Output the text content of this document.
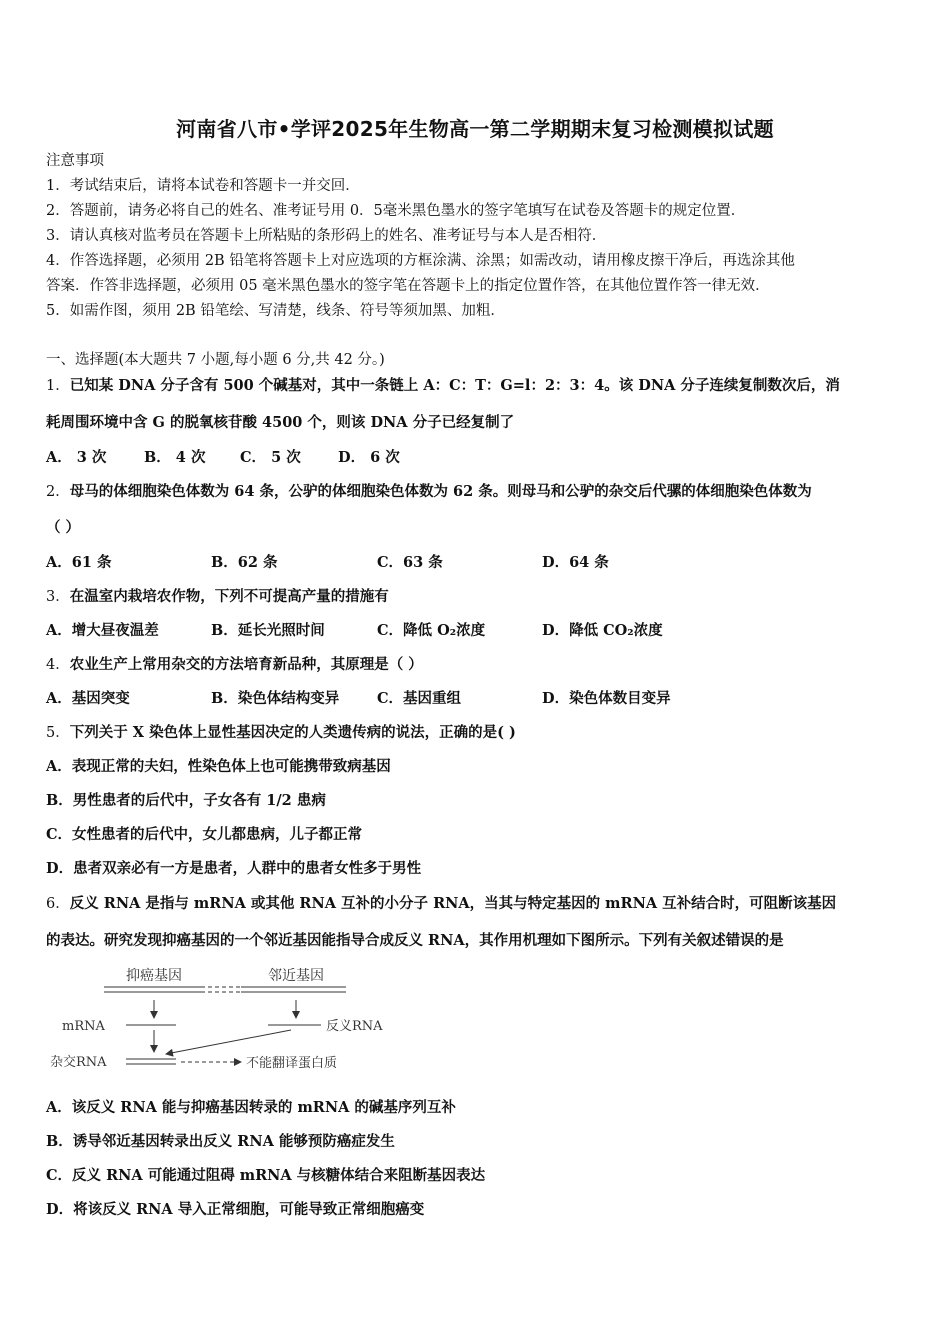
河南省八市•学评2025年生物高一第二学期期末复习检测模拟试题
注意事项
1．考试结束后，请将本试卷和答题卡一并交回．
2．答题前，请务必将自己的姓名、准考证号用 0．5毫米黑色墨水的签字笔填写在试卷及答题卡的规定位置．
3．请认真核对监考员在答题卡上所粘贴的条形码上的姓名、准考证号与本人是否相符．
4．作答选择题，必须用 2B 铅笔将答题卡上对应选项的方框涂满、涂黑；如需改动，请用橡皮擦干净后，再选涂其他
答案．作答非选择题，必须用 05 毫米黑色墨水的签字笔在答题卡上的指定位置作答，在其他位置作答一律无效．
5．如需作图，须用 2B 铅笔绘、写清楚，线条、符号等须加黑、加粗．
一、选择题(本大题共 7 小题,每小题 6 分,共 42 分。)
1．已知某 DNA 分子含有 500 个碱基对，其中一条链上 A：C：T：G=l：2：3：4。该 DNA 分子连续复制数次后，消
耗周围环境中含 G 的脱氧核苷酸 4500 个，则该 DNA 分子已经复制了
A． 3 次	B． 4 次 C． 5 次	D． 6 次
2．母马的体细胞染色体数为 64 条，公驴的体细胞染色体数为 62 条。则母马和公驴的杂交后代骡的体细胞染色体数为
（ ）
A．61 条	B．62 条	C．63 条	D．64 条
3．在温室内栽培农作物，下列不可提高产量的措施有
A．增大昼夜温差	B．延长光照时间	C．降低 O₂浓度	D．降低 CO₂浓度
4．农业生产上常用杂交的方法培育新品种，其原理是（ ）
A．基因突变	B．染色体结构变异	C．基因重组	D．染色体数目变异
5．下列关于 X 染色体上显性基因决定的人类遗传病的说法，正确的是( )
A．表现正常的夫妇，性染色体上也可能携带致病基因
B．男性患者的后代中，子女各有 1/2 患病
C．女性患者的后代中，女儿都患病，儿子都正常
D．患者双亲必有一方是患者，人群中的患者女性多于男性
6．反义 RNA 是指与 mRNA 或其他 RNA 互补的小分子 RNA，当其与特定基因的 mRNA 互补结合时，可阻断该基因
的表达。研究发现抑癌基因的一个邻近基因能指导合成反义 RNA，其作用机理如下图所示。下列有关叙述错误的是
抑癌基因	邻近基因
mRNA	反义RNA
杂交RNA	不能翻译蛋白质
A．该反义 RNA 能与抑癌基因转录的 mRNA 的碱基序列互补
B．诱导邻近基因转录出反义 RNA 能够预防癌症发生
C．反义 RNA 可能通过阻碍 mRNA 与核糖体结合来阻断基因表达
D．将该反义 RNA 导入正常细胞，可能导致正常细胞癌变
